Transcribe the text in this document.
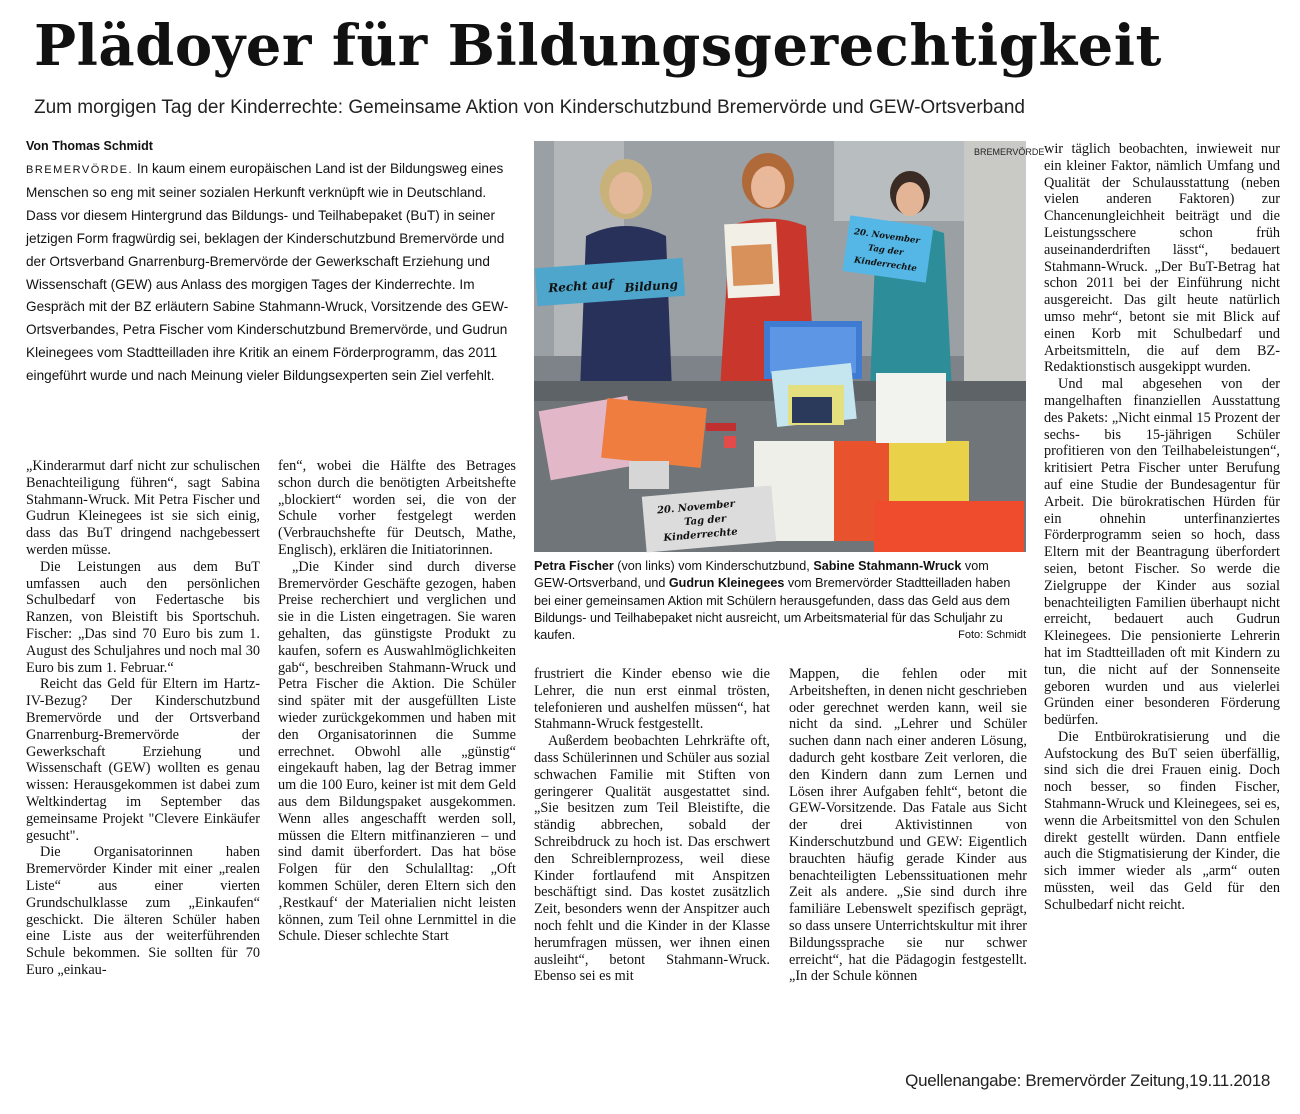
Plädoyer für Bildungsgerechtigkeit
Zum morgigen Tag der Kinderrechte: Gemeinsame Aktion von Kinderschutzbund Bremervörde und GEW-Ortsverband
Von Thomas Schmidt
BREMERVÖRDE. In kaum einem europäischen Land ist der Bildungsweg eines Menschen so eng mit seiner sozialen Herkunft verknüpft wie in Deutschland. Dass vor diesem Hintergrund das Bildungs- und Teilhabepaket (BuT) in seiner jetzigen Form fragwürdig sei, beklagen der Kinderschutzbund Bremervörde und der Ortsverband Gnarrenburg-Bremervörde der Gewerkschaft Erziehung und Wissenschaft (GEW) aus Anlass des morgigen Tages der Kinderrechte. Im Gespräch mit der BZ erläutern Sabine Stahmann-Wruck, Vorsitzende des GEW-Ortsverbandes, Petra Fischer vom Kinderschutzbund Bremervörde, und Gudrun Kleinegees vom Stadtteilladen ihre Kritik an einem Förderprogramm, das 2011 eingeführt wurde und nach Meinung vieler Bildungsexperten sein Ziel verfehlt.

„Kinderarmut darf nicht zur schulischen Benachteiligung führen“, sagt Sabina Stahmann-Wruck. Mit Petra Fischer und Gudrun Kleinegees ist sie sich einig, dass das BuT dringend nachgebessert werden müsse.

Die Leistungen aus dem BuT umfassen auch den persönlichen Schulbedarf von Federtasche bis Ranzen, von Bleistift bis Sportschuh. Fischer: „Das sind 70 Euro bis zum 1. August des Schuljahres und noch mal 30 Euro bis zum 1. Februar.“

Reicht das Geld für Eltern im Hartz-IV-Bezug? Der Kinderschutzbund Bremervörde und der Ortsverband Gnarrenburg-Bremervörde der Gewerkschaft Erziehung und Wissenschaft (GEW) wollten es genau wissen: Herausgekommen ist dabei zum Weltkindertag im September das gemeinsame Projekt "Clevere Einkäufer gesucht".

Die Organisatorinnen haben Bremervörder Kinder mit einer „realen Liste“ aus einer vierten Grundschulklasse zum „Einkaufen“ geschickt. Die älteren Schüler haben eine Liste aus der weiterführenden Schule bekommen. Sie sollten für 70 Euro „einkau-

fen“, wobei die Hälfte des Betrages schon durch die benötigten Arbeitshefte „blockiert“ worden sei, die von der Schule vorher festgelegt werden (Verbrauchshefte für Deutsch, Mathe, Englisch), erklären die Initiatorinnen.

„Die Kinder sind durch diverse Bremervörder Geschäfte gezogen, haben Preise recherchiert und verglichen und sie in die Listen eingetragen. Sie waren gehalten, das günstigste Produkt zu kaufen, sofern es Auswahlmöglichkeiten gab“, beschreiben Stahmann-Wruck und Petra Fischer die Aktion. Die Schüler sind später mit der ausgefüllten Liste wieder zurückgekommen und haben mit den Organisatorinnen die Summe errechnet. Obwohl alle „günstig“ eingekauft haben, lag der Betrag immer um die 100 Euro, keiner ist mit dem Geld aus dem Bildungspaket ausgekommen. Wenn alles angeschafft werden soll, müssen die Eltern mitfinanzieren – und sind damit überfordert. Das hat böse Folgen für den Schulalltag: „Oft kommen Schüler, deren Eltern sich den ‚Restkauf‘ der Materialien nicht leisten können, zum Teil ohne Lernmittel in die Schule. Dieser schlechte Start

BREMERVÖRDE
Recht auf Bildung
20. November
Tag der
Kinderrechte
20. November
Tag der
Kinderrechte
Petra Fischer (von links) vom Kinderschutzbund, Sabine Stahmann-Wruck vom GEW-Ortsverband, und Gudrun Kleinegees vom Bremervörder Stadtteilladen haben bei einer gemeinsamen Aktion mit Schülern herausgefunden, dass das Geld aus dem Bildungs- und Teilhabepaket nicht ausreicht, um Arbeitsmaterial für das Schuljahr zu kaufen.	Foto: Schmidt

frustriert die Kinder ebenso wie die Lehrer, die nun erst einmal trösten, telefonieren und aushelfen müssen“, hat Stahmann-Wruck festgestellt.

Außerdem beobachten Lehrkräfte oft, dass Schülerinnen und Schüler aus sozial schwachen Familie mit Stiften von geringerer Qualität ausgestattet sind. „Sie besitzen zum Teil Bleistifte, die ständig abbrechen, sobald der Schreibdruck zu hoch ist. Das erschwert den Schreiblernprozess, weil diese Kinder fortlaufend mit Anspitzen beschäftigt sind. Das kostet zusätzlich Zeit, besonders wenn der Anspitzer auch noch fehlt und die Kinder in der Klasse herumfragen müssen, wer ihnen einen ausleiht“, betont Stahmann-Wruck. Ebenso sei es mit

Mappen, die fehlen oder mit Arbeitsheften, in denen nicht geschrieben oder gerechnet werden kann, weil sie nicht da sind. „Lehrer und Schüler suchen dann nach einer anderen Lösung, dadurch geht kostbare Zeit verloren, die den Kindern dann zum Lernen und Lösen ihrer Aufgaben fehlt“, betont die GEW-Vorsitzende. Das Fatale aus Sicht der drei Aktivistinnen von Kinderschutzbund und GEW: Eigentlich brauchten häufig gerade Kinder aus benachteiligten Lebenssituationen mehr Zeit als andere. „Sie sind durch ihre familiäre Lebenswelt spezifisch geprägt, so dass unsere Unterrichtskultur mit ihrer Bildungssprache sie nur schwer erreicht“, hat die Pädagogin festgestellt. „In der Schule können

wir täglich beobachten, inwieweit nur ein kleiner Faktor, nämlich Umfang und Qualität der Schulausstattung (neben vielen anderen Faktoren) zur Chancenungleichheit beiträgt und die Leistungsschere schon früh auseinanderdriften lässt“, bedauert Stahmann-Wruck. „Der BuT-Betrag hat schon 2011 bei der Einführung nicht ausgereicht. Das gilt heute natürlich umso mehr“, betont sie mit Blick auf einen Korb mit Schulbedarf und Arbeitsmitteln, die auf dem BZ-Redaktionstisch ausgekippt wurden.

Und mal abgesehen von der mangelhaften finanziellen Ausstattung des Pakets: „Nicht einmal 15 Prozent der sechs- bis 15-jährigen Schüler profitieren von den Teilhabeleistungen“, kritisiert Petra Fischer unter Berufung auf eine Studie der Bundesagentur für Arbeit. Die bürokratischen Hürden für ein ohnehin unterfinanziertes Förderprogramm seien so hoch, dass Eltern mit der Beantragung überfordert seien, betont Fischer. So werde die Zielgruppe der Kinder aus sozial benachteiligten Familien überhaupt nicht erreicht, bedauert auch Gudrun Kleinegees. Die pensionierte Lehrerin hat im Stadtteilladen oft mit Kindern zu tun, die nicht auf der Sonnenseite geboren wurden und aus vielerlei Gründen einer besonderen Förderung bedürfen.

Die Entbürokratisierung und die Aufstockung des BuT seien überfällig, sind sich die drei Frauen einig. Doch noch besser, so finden Fischer, Stahmann-Wruck und Kleinegees, sei es, wenn die Arbeitsmittel von den Schulen direkt gestellt würden. Dann entfiele auch die Stigmatisierung der Kinder, die sich immer wieder als „arm“ outen müssten, weil das Geld für den Schulbedarf nicht reicht.

Quellenangabe: Bremervörder Zeitung,19.11.2018
